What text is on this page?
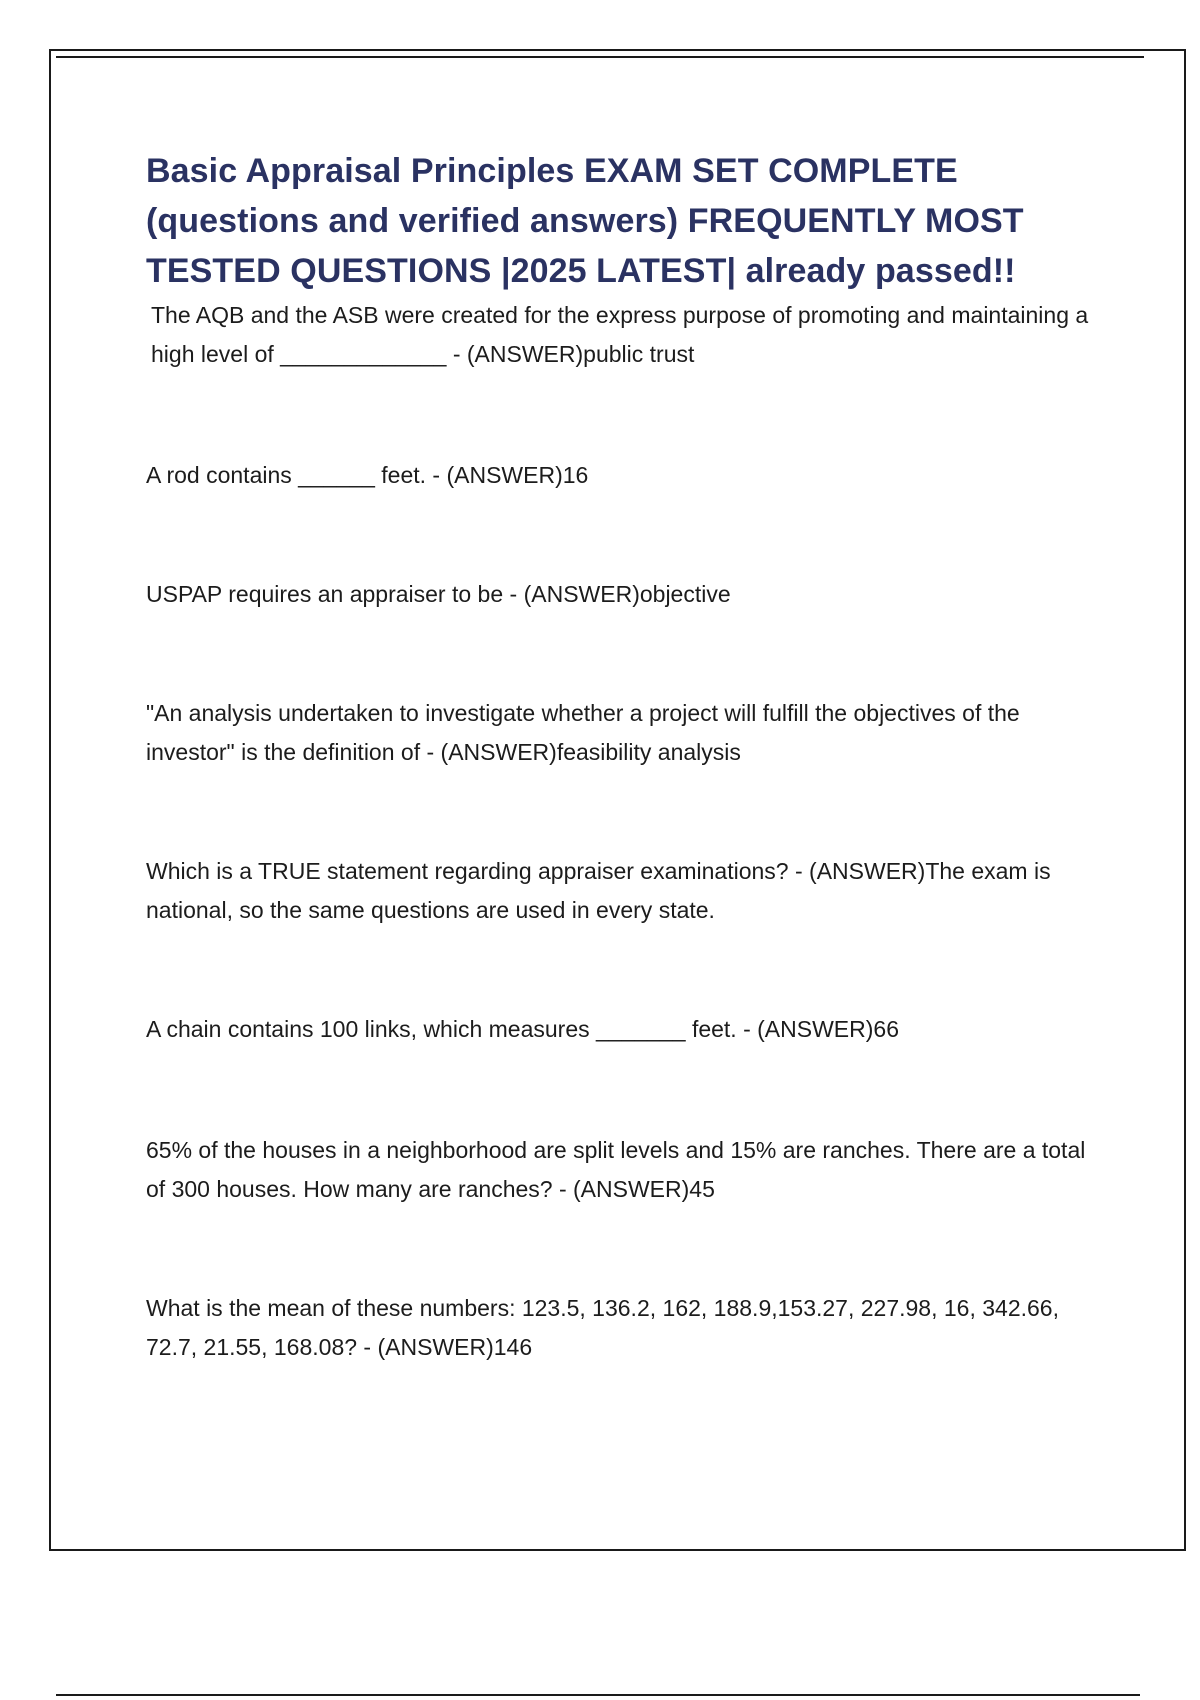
Basic Appraisal Principles EXAM SET COMPLETE (questions and verified answers) FREQUENTLY MOST TESTED QUESTIONS |2025 LATEST| already passed!!

The AQB and the ASB were created for the express purpose of promoting and maintaining a high level of _____________ - (ANSWER)public trust

A rod contains ______ feet. - (ANSWER)16

USPAP requires an appraiser to be - (ANSWER)objective

"An analysis undertaken to investigate whether a project will fulfill the objectives of the investor" is the definition of - (ANSWER)feasibility analysis

Which is a TRUE statement regarding appraiser examinations? - (ANSWER)The exam is national, so the same questions are used in every state.

A chain contains 100 links, which measures _______ feet. - (ANSWER)66

65% of the houses in a neighborhood are split levels and 15% are ranches. There are a total of 300 houses. How many are ranches? - (ANSWER)45

What is the mean of these numbers: 123.5, 136.2, 162, 188.9,153.27, 227.98, 16, 342.66, 72.7, 21.55, 168.08? - (ANSWER)146
